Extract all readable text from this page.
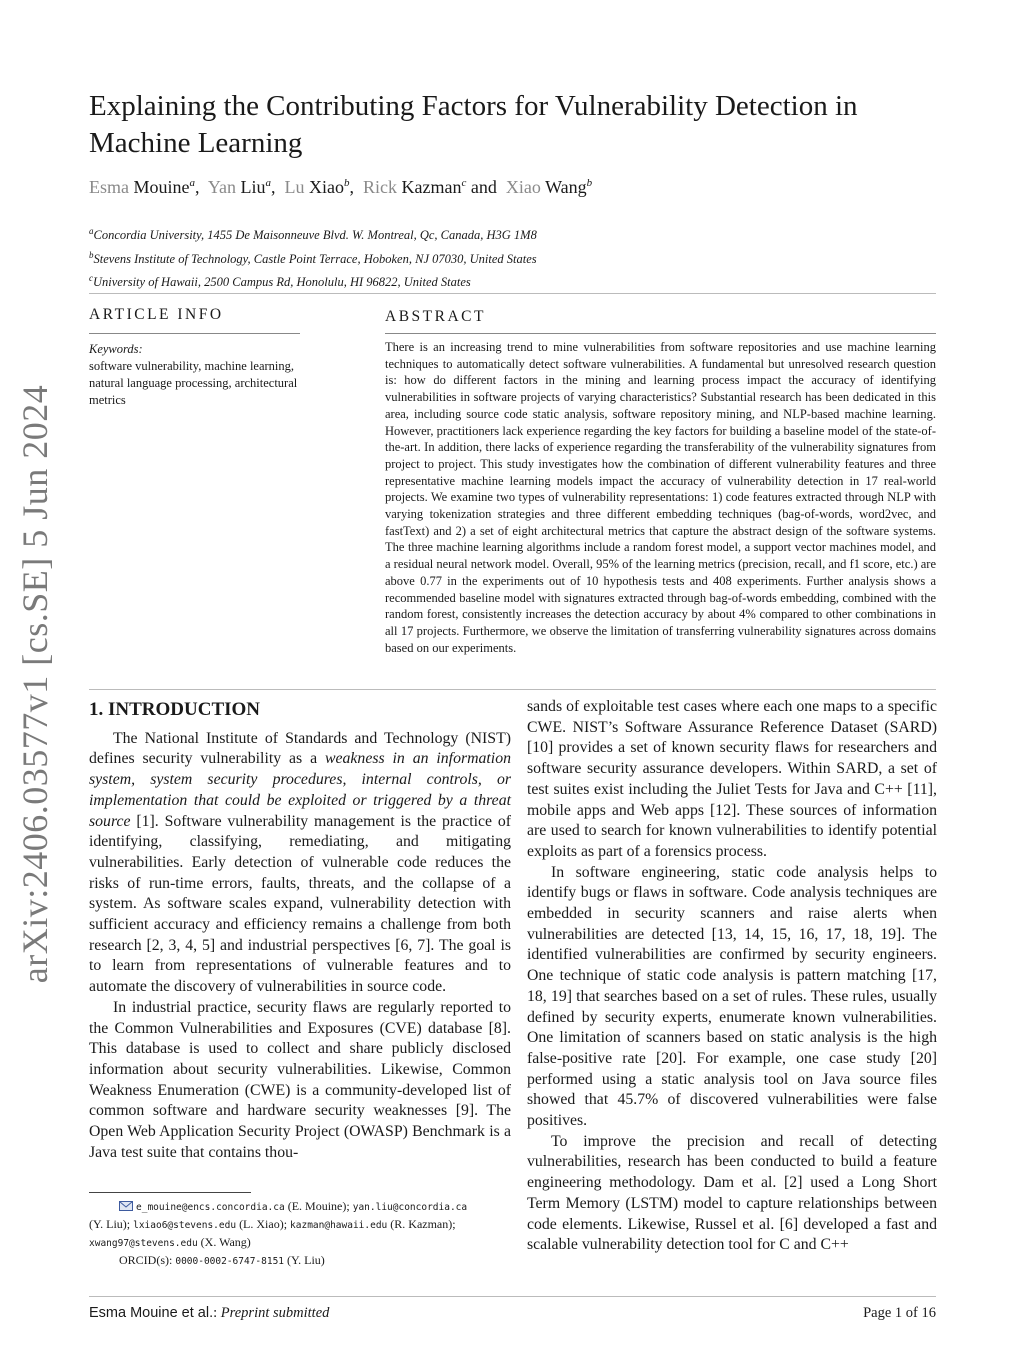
arXiv:2406.03577v1 [cs.SE] 5 Jun 2024
Explaining the Contributing Factors for Vulnerability Detection in Machine Learning
Esma Mouine$^a$,  Yan Liu$^a$,  Lu Xiao$^b$,  Rick Kazman$^c$ and  Xiao Wang$^b$
$^a$Concordia University, 1455 De Maisonneuve Blvd. W. Montreal, Qc, Canada, H3G 1M8
$^b$Stevens Institute of Technology, Castle Point Terrace, Hoboken, NJ 07030, United States
$^c$University of Hawaii, 2500 Campus Rd, Honolulu, HI 96822, United States
ARTICLE INFO	ABSTRACT
Keywords:
software vulnerability, machine learning, natural language processing, architectural metrics
There is an increasing trend to mine vulnerabilities from software repositories and use machine learning techniques to automatically detect software vulnerabilities. A fundamental but unresolved research question is: how do different factors in the mining and learning process impact the accuracy of identifying vulnerabilities in software projects of varying characteristics? Substantial research has been dedicated in this area, including source code static analysis, software repository mining, and NLP-based machine learning. However, practitioners lack experience regarding the key factors for building a baseline model of the state-of-the-art. In addition, there lacks of experience regarding the transferability of the vulnerability signatures from project to project. This study investigates how the combination of different vulnerability features and three representative machine learning models impact the accuracy of vulnerability detection in 17 real-world projects. We examine two types of vulnerability representations: 1) code features extracted through NLP with varying tokenization strategies and three different embedding techniques (bag-of-words, word2vec, and fastText) and 2) a set of eight architectural metrics that capture the abstract design of the software systems. The three machine learning algorithms include a random forest model, a support vector machines model, and a residual neural network model. Overall, 95% of the learning metrics (precision, recall, and f1 score, etc.) are above 0.77 in the experiments out of 10 hypothesis tests and 408 experiments. Further analysis shows a recommended baseline model with signatures extracted through bag-of-words embedding, combined with the random forest, consistently increases the detection accuracy by about 4% compared to other combinations in all 17 projects. Furthermore, we observe the limitation of transferring vulnerability signatures across domains based on our experiments.
1. INTRODUCTION

The National Institute of Standards and Technology (NIST) defines security vulnerability as a weakness in an information system, system security procedures, internal controls, or implementation that could be exploited or triggered by a threat source [1]. Software vulnerability management is the practice of identifying, classifying, remediating, and mitigating vulnerabilities. Early detection of vulnerable code reduces the risks of run-time errors, faults, threats, and the collapse of a system. As software scales expand, vulnerability detection with sufficient accuracy and efficiency remains a challenge from both research [2, 3, 4, 5] and industrial perspectives [6, 7]. The goal is to learn from representations of vulnerable features and to automate the discovery of vulnerabilities in source code.

In industrial practice, security flaws are regularly reported to the Common Vulnerabilities and Exposures (CVE) database [8]. This database is used to collect and share publicly disclosed information about security vulnerabilities. Likewise, Common Weakness Enumeration (CWE) is a community-developed list of common software and hardware security weaknesses [9]. The Open Web Application Security Project (OWASP) Benchmark is a Java test suite that contains thou-

sands of exploitable test cases where each one maps to a specific CWE. NIST’s Software Assurance Reference Dataset (SARD) [10] provides a set of known security flaws for researchers and software security assurance developers. Within SARD, a set of test suites exist including the Juliet Tests for Java and C++ [11], mobile apps and Web apps [12]. These sources of information are used to search for known vulnerabilities to identify potential exploits as part of a forensics process.

In software engineering, static code analysis helps to identify bugs or flaws in software. Code analysis techniques are embedded in security scanners and raise alerts when vulnerabilities are detected [13, 14, 15, 16, 17, 18, 19]. The identified vulnerabilities are confirmed by security engineers. One technique of static code analysis is pattern matching [17, 18, 19] that searches based on a set of rules. These rules, usually defined by security experts, enumerate known vulnerabilities. One limitation of scanners based on static analysis is the high false-positive rate [20]. For example, one case study [20] performed using a static analysis tool on Java source files showed that 45.7% of discovered vulnerabilities were false positives.

To improve the precision and recall of detecting vulnerabilities, research has been conducted to build a feature engineering methodology. Dam et al. [2] used a Long Short Term Memory (LSTM) model to capture relationships between code elements. Likewise, Russel et al. [6] developed a fast and scalable vulnerability detection tool for C and C++

e_mouine@encs.concordia.ca (E. Mouine); yan.liu@concordia.ca
(Y. Liu); lxiao6@stevens.edu (L. Xiao); kazman@hawaii.edu (R. Kazman);
xwang97@stevens.edu (X. Wang)
ORCID(s): 0000-0002-6747-8151 (Y. Liu)
Esma Mouine et al.: Preprint submitted	Page 1 of 16
